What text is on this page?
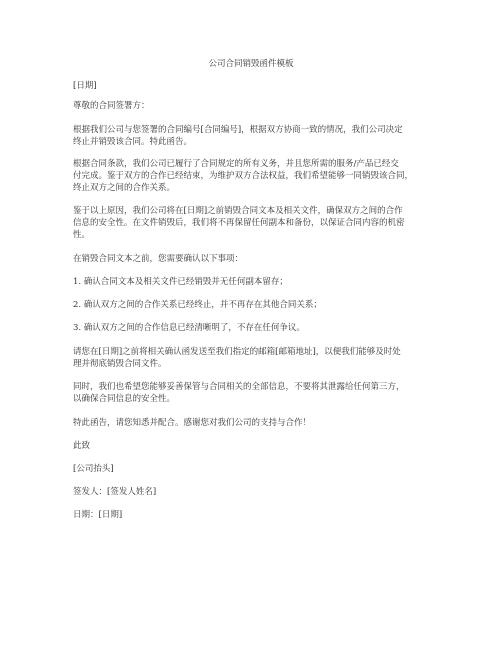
公司合同销毁函件模板
[日期]
尊敬的合同签署方：
根据我们公司与您签署的合同编号[合同编号]，根据双方协商一致的情况，我们公司决定
终止并销毁该合同。特此函告。
根据合同条款，我们公司已履行了合同规定的所有义务，并且您所需的服务/产品已经交
付完成。鉴于双方的合作已经结束，为维护双方合法权益，我们希望能够一同销毁该合同，
终止双方之间的合作关系。
鉴于以上原因，我们公司将在[日期]之前销毁合同文本及相关文件，确保双方之间的合作
信息的安全性。在文件销毁后，我们将不再保留任何副本和备份，以保证合同内容的机密
性。
在销毁合同文本之前，您需要确认以下事项：
1. 确认合同文本及相关文件已经销毁并无任何副本留存；
2. 确认双方之间的合作关系已经终止，并不再存在其他合同关系；
3. 确认双方之间的合作信息已经清晰明了，不存在任何争议。
请您在[日期]之前将相关确认函发送至我们指定的邮箱[邮箱地址]，以便我们能够及时处
理并彻底销毁合同文件。
同时，我们也希望您能够妥善保管与合同相关的全部信息，不要将其泄露给任何第三方，
以确保合同信息的安全性。
特此函告，请您知悉并配合。感谢您对我们公司的支持与合作！
此致
[公司抬头]
签发人：[签发人姓名]
日期：[日期]
